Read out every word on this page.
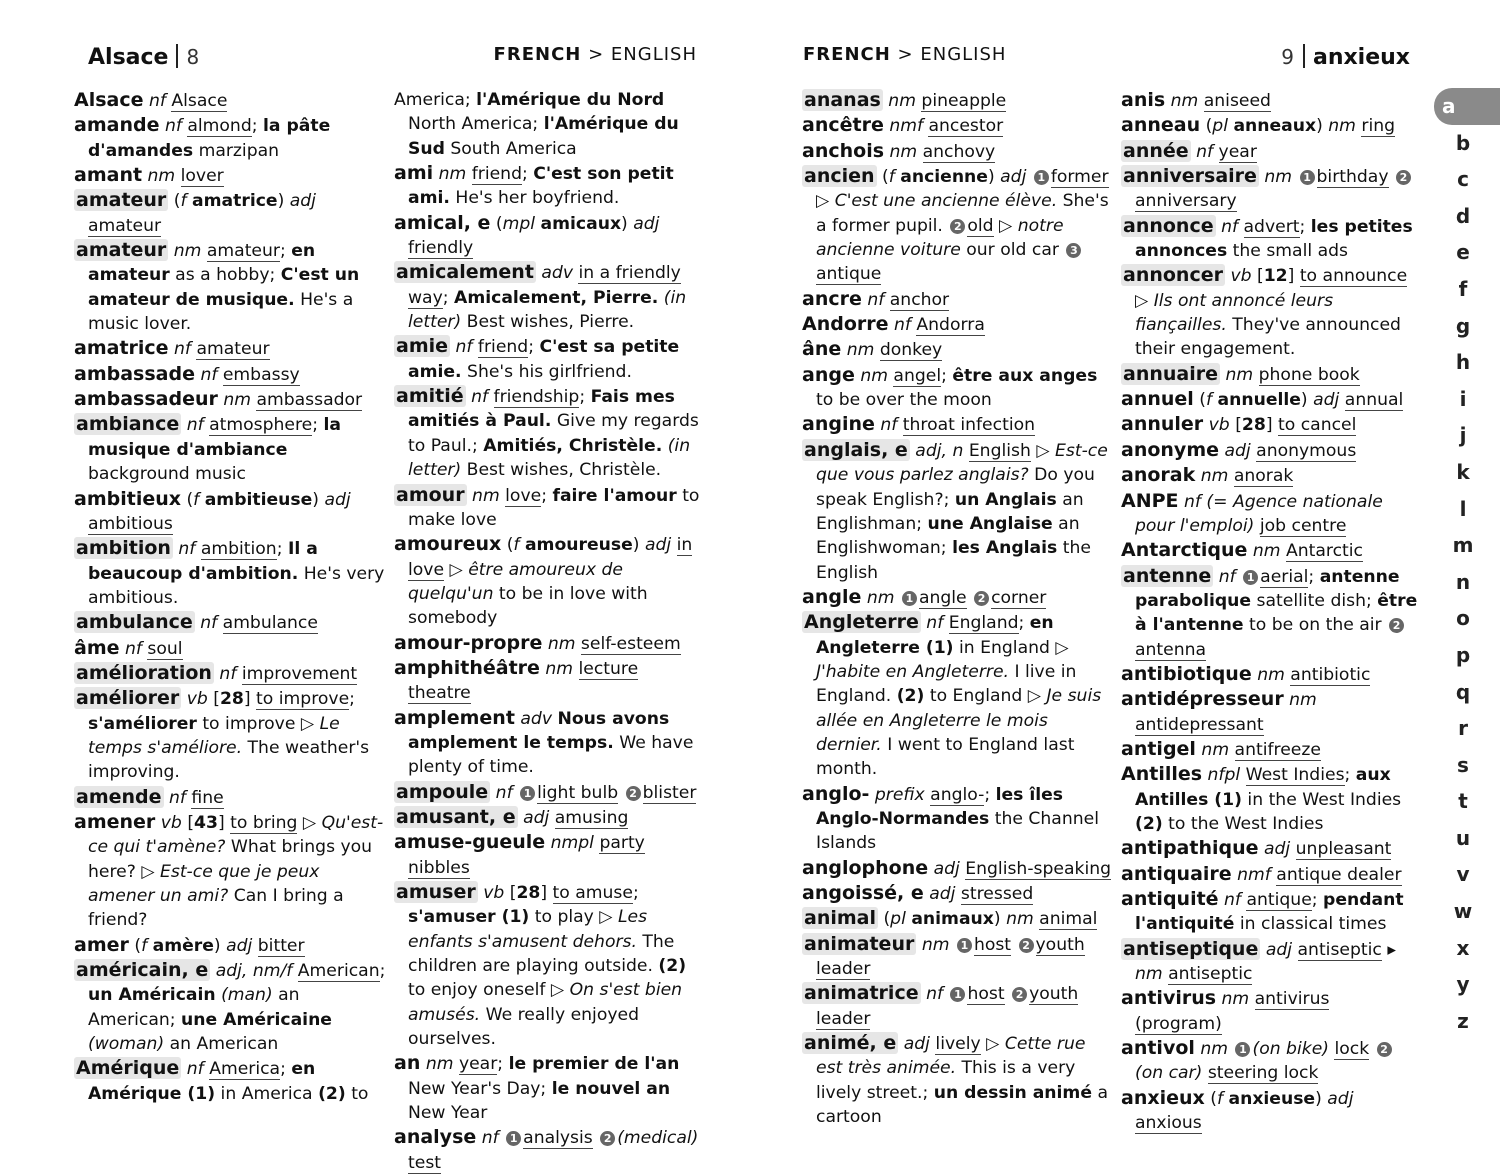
Alsace 8	FRENCH > ENGLISH	FRENCH > ENGLISH	9 anxieux
Alsace nf Alsace
amande nf almond; la pâte d'amandes marzipan
amant nm lover
amateur (f amatrice) adj amateur
amateur nm amateur; en amateur as a hobby; C'est un amateur de musique. He's a music lover.
amatrice nf amateur
ambassade nf embassy
ambassadeur nm ambassador
ambiance nf atmosphere; la musique d'ambiance background music
ambitieux (f ambitieuse) adj ambitious
ambition nf ambition; Il a beaucoup d'ambition. He's very ambitious.
ambulance nf ambulance
âme nf soul
amélioration nf improvement
améliorer vb [28] to improve; s'améliorer to improve ▷ Le temps s'améliore. The weather's improving.
amende nf fine
amener vb [43] to bring ▷ Qu'est-ce qui t'amène? What brings you here? ▷ Est-ce que je peux amener un ami? Can I bring a friend?
amer (f amère) adj bitter
américain, e adj, nm/f American; un Américain (man) an American; une Américaine (woman) an American
Amérique nf America; en Amérique (1) in America (2) to
America; l'Amérique du Nord North America; l'Amérique du Sud South America
ami nm friend; C'est son petit ami. He's her boyfriend.
amical, e (mpl amicaux) adj friendly
amicalement adv in a friendly way; Amicalement, Pierre. (in letter) Best wishes, Pierre.
amie nf friend; C'est sa petite amie. She's his girlfriend.
amitié nf friendship; Fais mes amitiés à Paul. Give my regards to Paul.; Amitiés, Christèle. (in letter) Best wishes, Christèle.
amour nm love; faire l'amour to make love
amoureux (f amoureuse) adj in love ▷ être amoureux de quelqu'un to be in love with somebody
amour-propre nm self-esteem
amphithéâtre nm lecture theatre
amplement adv Nous avons amplement le temps. We have plenty of time.
ampoule nf 1 light bulb 2 blister
amusant, e adj amusing
amuse-gueule nmpl party nibbles
amuser vb [28] to amuse; s'amuser (1) to play ▷ Les enfants s'amusent dehors. The children are playing outside. (2) to enjoy oneself ▷ On s'est bien amusés. We really enjoyed ourselves.
an nm year; le premier de l'an New Year's Day; le nouvel an New Year
analyse nf 1 analysis 2 (medical) test
ananas nm pineapple
ancêtre nmf ancestor
anchois nm anchovy
ancien (f ancienne) adj 1 former ▷ C'est une ancienne élève. She's a former pupil. 2 old ▷ notre ancienne voiture our old car 3antique
ancre nf anchor
Andorre nf Andorra
âne nm donkey
ange nm angel; être aux anges to be over the moon
angine nf throat infection
anglais, e adj, n English ▷ Est-ce que vous parlez anglais? Do you speak English?; un Anglais an Englishman; une Anglaise an Englishwoman; les Anglais the English
angle nm 1 angle 2 corner
Angleterre nf England; en Angleterre (1) in England ▷ J'habite en Angleterre. I live in England. (2) to England ▷ Je suis allée en Angleterre le mois dernier. I went to England last month.
anglo- prefix anglo-; les îles Anglo-Normandes the Channel Islands
anglophone adj English-speaking
angoissé, e adj stressed
animal (pl animaux) nm animal
animateur nm 1 host 2 youth leader
animatrice nf 1 host 2 youth leader
animé, e adj lively ▷ Cette rue est très animée. This is a very lively street.; un dessin animé a cartoon
anis nm aniseed
anneau (pl anneaux) nm ring
année nf year
anniversaire nm 1 birthday 2anniversary
annonce nf advert; les petites annonces the small ads
annoncer vb [12] to announce ▷ Ils ont annoncé leurs fiançailles. They've announced their engagement.
annuaire nm phone book
annuel (f annuelle) adj annual
annuler vb [28] to cancel
anonyme adj anonymous
anorak nm anorak
ANPE nf (= Agence nationale pour l'emploi) job centre
Antarctique nm Antarctic
antenne nf 1 aerial; antenne parabolique satellite dish; être à l'antenne to be on the air 2antenna
antibiotique nm antibiotic
antidépresseur nm antidepressant
antigel nm antifreeze
Antilles nfpl West Indies; aux Antilles (1) in the West Indies (2) to the West Indies
antipathique adj unpleasant
antiquaire nmf antique dealer
antiquité nf antique; pendant l'antiquité in classical times
antiseptique adj antiseptic ▸ nm antiseptic
antivirus nm antivirus (program)
antivol nm 1 (on bike) lock 2(on car) steering lock
anxieux (f anxieuse) adj anxious
a
b
c
d
e
f
g
h
i
j
k
l
m
n
o
p
q
r
s
t
u
v
w
x
y
z
